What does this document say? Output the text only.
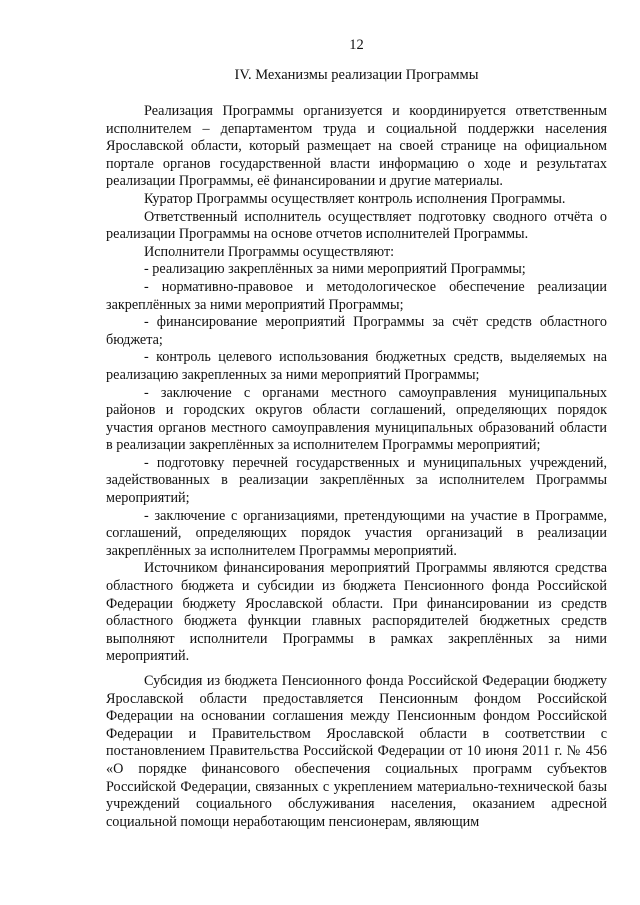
12
IV. Механизмы реализации Программы

Реализация Программы организуется и координируется ответственным исполнителем – департаментом труда и социальной поддержки населения Ярославской области, который размещает на своей странице на официальном портале органов государственной власти информацию о ходе и результатах реализации Программы, её финансировании и другие материалы.

Куратор Программы осуществляет контроль исполнения Программы.

Ответственный исполнитель осуществляет подготовку сводного отчёта о реализации Программы на основе отчетов исполнителей Программы.

Исполнители Программы осуществляют:

- реализацию закреплённых за ними мероприятий Программы;

- нормативно-правовое и методологическое обеспечение реализации закреплённых за ними мероприятий Программы;

- финансирование мероприятий Программы за счёт средств областного бюджета;

- контроль целевого использования бюджетных средств, выделяемых на реализацию закрепленных за ними мероприятий Программы;

- заключение с органами местного самоуправления муниципальных районов и городских округов области соглашений, определяющих порядок участия органов местного самоуправления муниципальных образований области в реализации закреплённых за исполнителем Программы мероприятий;

- подготовку перечней государственных и муниципальных учреждений, задействованных в реализации закреплённых за исполнителем Программы мероприятий;

- заключение с организациями, претендующими на участие в Программе, соглашений, определяющих порядок участия организаций в реализации закреплённых за исполнителем Программы мероприятий.

Источником финансирования мероприятий Программы являются средства областного бюджета и субсидии из бюджета Пенсионного фонда Российской Федерации бюджету Ярославской области. При финансировании из средств областного бюджета функции главных распорядителей бюджетных средств выполняют исполнители Программы в рамках закреплённых за ними мероприятий.

Субсидия из бюджета Пенсионного фонда Российской Федерации бюджету Ярославской области предоставляется Пенсионным фондом Российской Федерации на основании соглашения между Пенсионным фондом Российской Федерации и Правительством Ярославской области в соответствии с постановлением Правительства Российской Федерации от 10 июня 2011 г. № 456 «О порядке финансового обеспечения социальных программ субъектов Российской Федерации, связанных с укреплением материально-технической базы учреждений социального обслуживания населения, оказанием адресной социальной помощи неработающим пенсионерам, являющим
